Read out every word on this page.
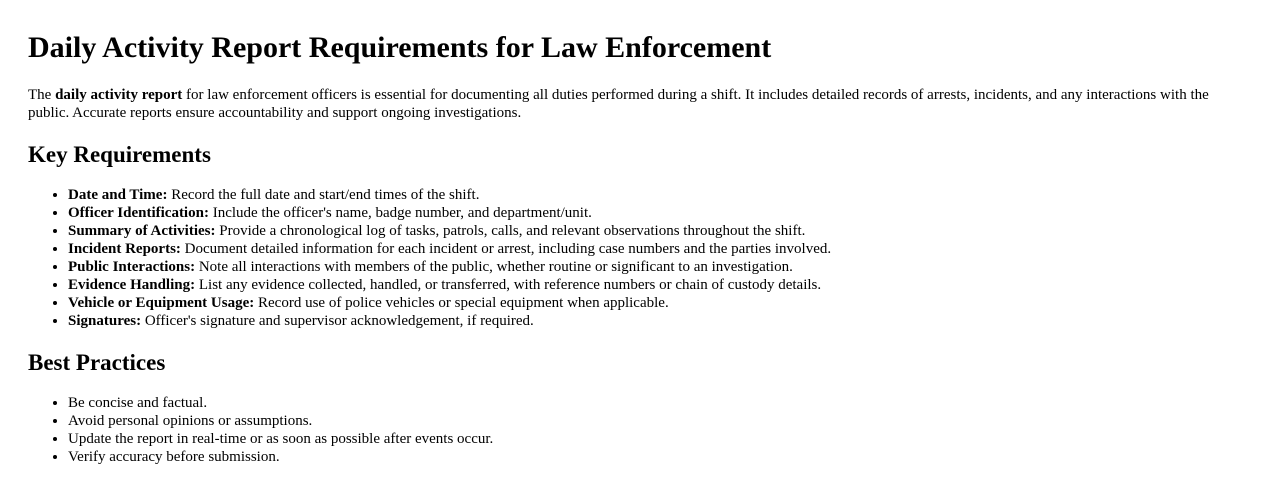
Daily Activity Report Requirements for Law Enforcement

The daily activity report for law enforcement officers is essential for documenting all duties performed during a shift. It includes detailed records of arrests, incidents, and any interactions with the public. Accurate reports ensure accountability and support ongoing investigations.

Key Requirements
• Date and Time: Record the full date and start/end times of the shift.
• Officer Identification: Include the officer's name, badge number, and department/unit.
• Summary of Activities: Provide a chronological log of tasks, patrols, calls, and relevant observations throughout the shift.
• Incident Reports: Document detailed information for each incident or arrest, including case numbers and the parties involved.
• Public Interactions: Note all interactions with members of the public, whether routine or significant to an investigation.
• Evidence Handling: List any evidence collected, handled, or transferred, with reference numbers or chain of custody details.
• Vehicle or Equipment Usage: Record use of police vehicles or special equipment when applicable.
• Signatures: Officer's signature and supervisor acknowledgement, if required.
Best Practices
• Be concise and factual.
• Avoid personal opinions or assumptions.
• Update the report in real-time or as soon as possible after events occur.
• Verify accuracy before submission.
